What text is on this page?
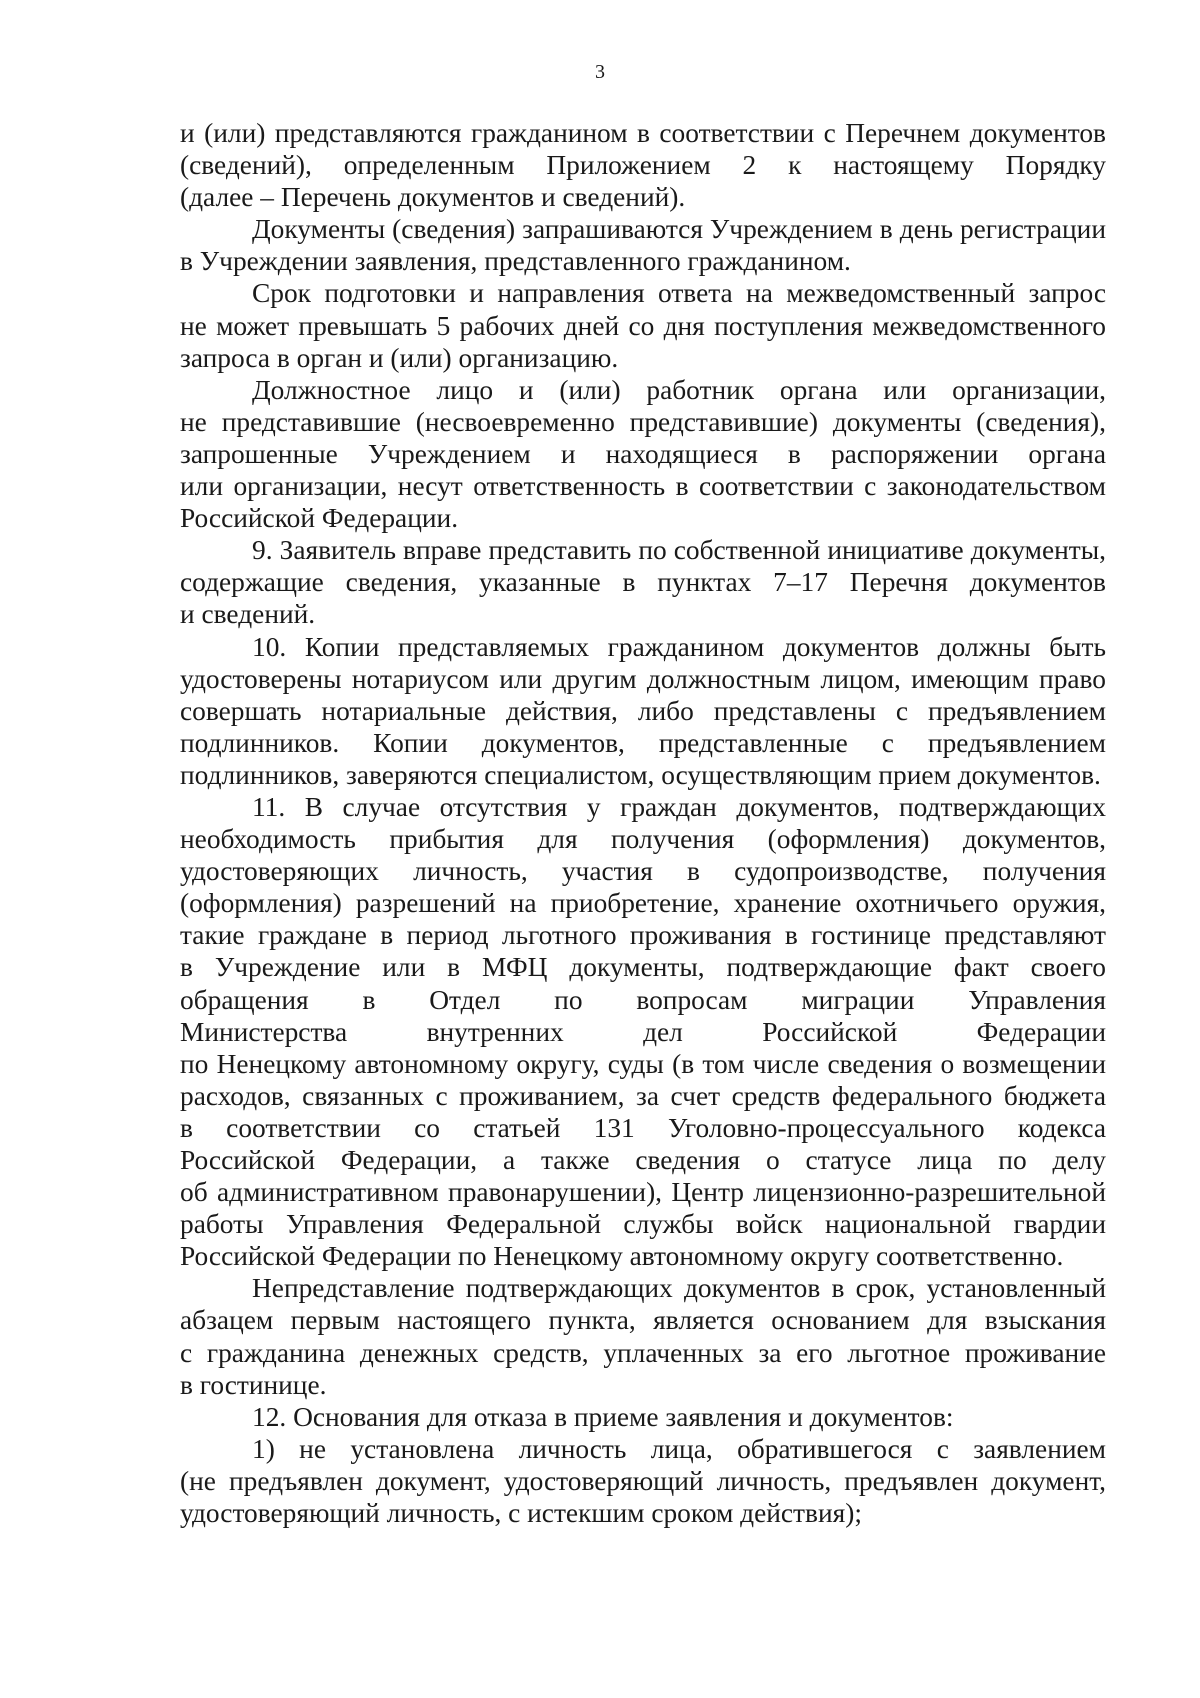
3
и (или) представляются гражданином в соответствии с Перечнем документов
(сведений), определенным Приложением 2 к настоящему Порядку
(далее – Перечень документов и сведений).
Документы (сведения) запрашиваются Учреждением в день регистрации
в Учреждении заявления, представленного гражданином.
Срок подготовки и направления ответа на межведомственный запрос
не может превышать 5 рабочих дней со дня поступления межведомственного
запроса в орган и (или) организацию.
Должностное лицо и (или) работник органа или организации,
не представившие (несвоевременно представившие) документы (сведения),
запрошенные Учреждением и находящиеся в распоряжении органа
или организации, несут ответственность в соответствии с законодательством
Российской Федерации.
9. Заявитель вправе представить по собственной инициативе документы,
содержащие сведения, указанные в пунктах 7–17 Перечня документов
и сведений.
10. Копии представляемых гражданином документов должны быть
удостоверены нотариусом или другим должностным лицом, имеющим право
совершать нотариальные действия, либо представлены с предъявлением
подлинников. Копии документов, представленные с предъявлением
подлинников, заверяются специалистом, осуществляющим прием документов.
11. В случае отсутствия у граждан документов, подтверждающих
необходимость прибытия для получения (оформления) документов,
удостоверяющих личность, участия в судопроизводстве, получения
(оформления) разрешений на приобретение, хранение охотничьего оружия,
такие граждане в период льготного проживания в гостинице представляют
в Учреждение или в МФЦ документы, подтверждающие факт своего
обращения в Отдел по вопросам миграции Управления
Министерства внутренних дел Российской Федерации
по Ненецкому автономному округу, суды (в том числе сведения о возмещении
расходов, связанных с проживанием, за счет средств федерального бюджета
в соответствии со статьей 131 Уголовно-процессуального кодекса
Российской Федерации, а также сведения о статусе лица по делу
об административном правонарушении), Центр лицензионно-разрешительной
работы Управления Федеральной службы войск национальной гвардии
Российской Федерации по Ненецкому автономному округу соответственно.
Непредставление подтверждающих документов в срок, установленный
абзацем первым настоящего пункта, является основанием для взыскания
с гражданина денежных средств, уплаченных за его льготное проживание
в гостинице.
12. Основания для отказа в приеме заявления и документов:
1) не установлена личность лица, обратившегося с заявлением
(не предъявлен документ, удостоверяющий личность, предъявлен документ,
удостоверяющий личность, с истекшим сроком действия);
